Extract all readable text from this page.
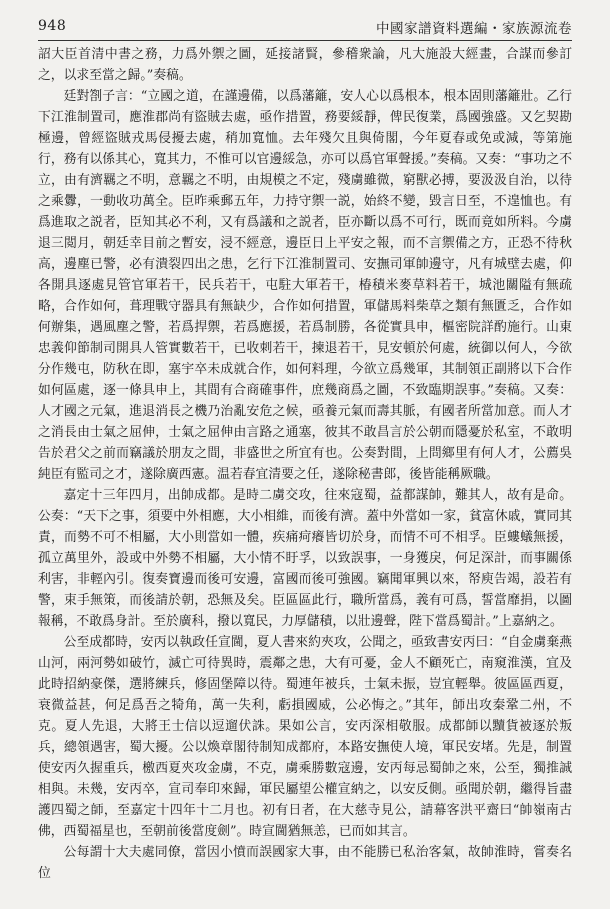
948	中國家譜資料選編・家族源流卷

詔大臣首清中書之務，力爲外禦之圖，延接諸賢，參稽衆論，凡大施設大經畫，合謀而參訂之，以求至當之歸。”奏稿。

廷對劄子言：“立國之道，在謹邊備，以爲藩籬，安人心以爲根本，根本固則藩籬壯。乙行下江淮制置司，應淮郡尚有盜賊去處，亟作措置，務要綏靜，俾民復業，爲國強盛。又乞契勘極邊，曾經盜賊戎馬侵擾去處，稍加寬恤。去年殘欠且與倚閣，今年夏春或免或減，等第施行，務有以係其心，寬其力，不惟可以官邊綏急，亦可以爲官軍聲援。”奏稿。又奏：“事功之不立，由有濟羈之不明，意羈之不明，由規模之不定，殘虜雖微，窮獸必搏，要汲汲自治，以待之乘釁，一動收功萬全。臣昨乘郵五年，力持守禦一説，始終不變，毀言日至，不遑恤也。有爲進取之説者，臣知其必不利，又有爲議和之説者，臣亦斷以爲不可行，既而竟如所料。今虜退三閲月，朝廷幸目前之暫安，浸不經意，邊臣日上平安之報，而不言禦備之方，正恐不待秋高，邊塵已警，必有潰裂四出之患，乞行下江淮制置司、安撫司軍帥邊守，凡有城壁去處，仰各開具逐處見管官軍若干，民兵若干，屯駐大軍若干，椿積米麥草料若干，城池關隘有無疏略，合作如何，葺理戰守器具有無缺少，合作如何措置，軍儲馬料柴草之類有無匱乏，合作如何辦集，遇風塵之警，若爲捍禦，若爲應援，若爲制勝，各從實具申，樞密院詳酌施行。山東忠義仰節制司開具人管實數若干，已收刺若干，揀退若干，見安頓於何處，統御以何人，今欲分作幾屯，防秋在即，塞宇卒未成就合作，如何料理，今欲立爲幾軍，其制領正副將以下合作如何區處，逐一條具申上，其間有合商確事件，庶幾商爲之圖，不致臨期誤事。”奏稿。又奏：人才國之元氣，進退消長之機乃治亂安危之候，亟養元氣而壽其脈，有國者所當加意。而人才之消長由士氣之屈伸，士氣之屈伸由言路之通塞，彼其不敢昌言於公朝而隱憂於私室，不敢明告於君父之前而竊議於朋友之間，非盛世之所宜有也。公奏對間，上問鄉里有何人才，公薦吳純臣有監司之才，遂除廣西憲。温若春宜清要之任，遂除秘書郎，後皆能稱厥職。

嘉定十三年四月，出帥成都。是時二虜交攻，往來寇蜀，益都謀帥，難其人，故有是命。公奏：“天下之事，須要中外相應，大小相維，而後有濟。蓋中外當如一家，貧富休戚，實同其責，而勢不可不相屬，大小則當如一體，疾痛疴癢皆切於身，而情不可不相孚。臣螻蟻無援，孤立萬里外，設或中外勢不相屬，大小情不盱孚，以致誤事，一身獲戾，何足深計，而事關係利害，非輕內引。復奏寶邊而後可安邊，富國而後可強國。竊聞軍興以來，帑庾告竭，設若有警，束手無策，而後請於朝，恐無及矣。臣區區此行，職所當爲，義有可爲，誓當靡捐，以圖報稱，不敢爲身計。至於廣科，撥以寬民，力厚儲積，以壯邊聲，陛下當爲蜀計。”上嘉納之。

公至成都時，安丙以執政任宣閫，夏人書來約夾攻，公聞之，亟致書安丙曰：“自金虜棄燕山河，兩河勢如破竹，滅亡可待異時，震鄰之患，大有可憂，金人不顧死亡，南窺淮漢，宜及此時招納豪傑，選將練兵，修固堡障以待。蜀連年被兵，士氣未振，豈宜輕舉。彼區區西夏，衰微益甚，何足爲吾之犄角，萬一失利，虧損國威，公必悔之。”其年，師出攻秦鞏二州，不克。夏人先退，大將王士信以逗遛伏誅。果如公言，安丙深相敬服。成都師以黷貨被逐於叛兵，總領遇害，蜀大擾。公以煥章閣待制知成都府，本路安撫使人境，軍民安堵。先是，制置使安丙久握重兵，檄西夏夾攻金虜，不克，虜乘勝數寇邊，安丙每忌蜀帥之來，公至，獨推誠相與。未幾，安丙卒，宣司奉印來歸，軍民屬望公權宣納之，以安反側。亟聞於朝，繼得旨盡護四蜀之師，至嘉定十四年十二月也。初有日者，在大慈寺見公，請幕客洪平齋曰“帥嶺南古佛，西蜀福星也，至朝前後當度劍”。時宣閫猶無恙，已而如其言。

公每謂十大夫處同僚，當因小憤而誤國家大事，由不能勝已私治客氣，故帥淮時，嘗奏名位
